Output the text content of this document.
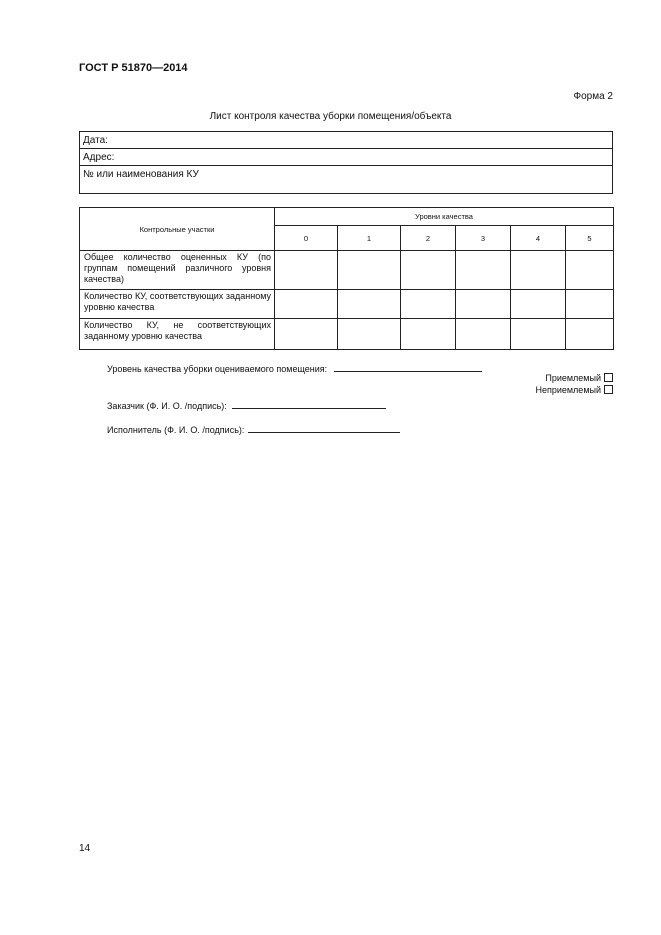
ГОСТ Р 51870—2014
Форма 2
Лист контроля качества уборки помещения/объекта
Дата:
Адрес:
№ или наименования КУ
Контрольные участки	Уровни качества					
	0	1	2	3	4	5
Общее количество оцененных КУ (по группам помещений различного уровня качества)						
Количество КУ, соответствующих заданному уровню качества						
Количество КУ, не соответствующих заданному уровню качества						
Уровень качества уборки оцениваемого помещения:
Приемлемый
Неприемлемый
Заказчик (Ф. И. О. /подпись):
Исполнитель (Ф. И. О. /подпись):
14
